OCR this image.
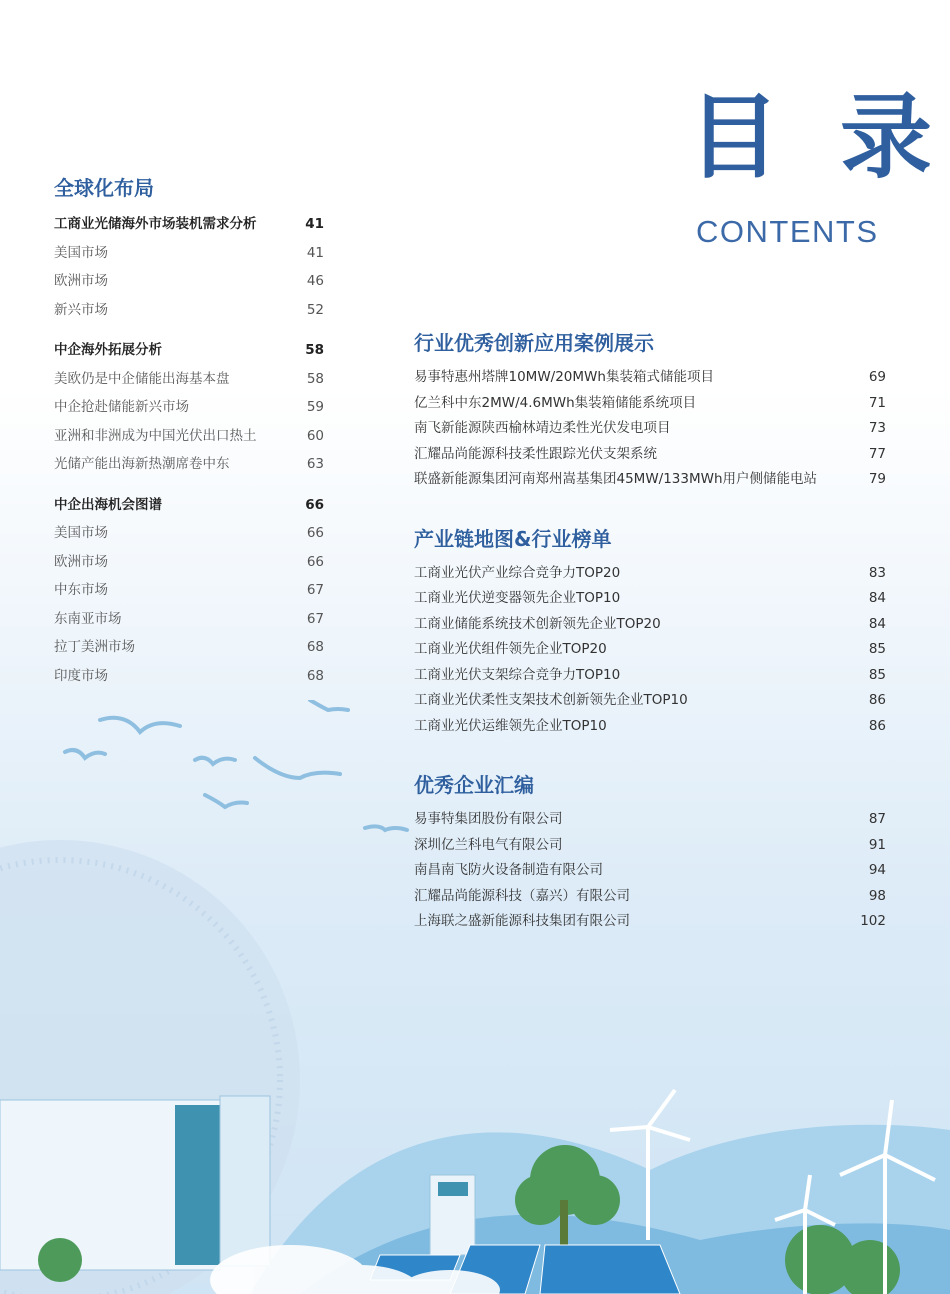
目 录
CONTENTS
全球化布局
工商业光储海外市场装机需求分析	41
美国市场	41
欧洲市场	46
新兴市场	52
中企海外拓展分析	58
美欧仍是中企储能出海基本盘	58
中企抢赴储能新兴市场	59
亚洲和非洲成为中国光伏出口热土	60
光储产能出海新热潮席卷中东	63
中企出海机会图谱	66
美国市场	66
欧洲市场	66
中东市场	67
东南亚市场	67
拉丁美洲市场	68
印度市场	68
行业优秀创新应用案例展示
易事特惠州塔牌10MW/20MWh集装箱式储能项目	69
亿兰科中东2MW/4.6MWh集装箱储能系统项目	71
南飞新能源陕西榆林靖边柔性光伏发电项目	73
汇耀品尚能源科技柔性跟踪光伏支架系统	77
联盛新能源集团河南郑州嵩基集团45MW/133MWh用户侧储能电站	79
产业链地图&行业榜单
工商业光伏产业综合竞争力TOP20	83
工商业光伏逆变器领先企业TOP10	84
工商业储能系统技术创新领先企业TOP20	84
工商业光伏组件领先企业TOP20	85
工商业光伏支架综合竞争力TOP10	85
工商业光伏柔性支架技术创新领先企业TOP10	86
工商业光伏运维领先企业TOP10	86
优秀企业汇编
易事特集团股份有限公司	87
深圳亿兰科电气有限公司	91
南昌南飞防火设备制造有限公司	94
汇耀品尚能源科技（嘉兴）有限公司	98
上海联之盛新能源科技集团有限公司	102
